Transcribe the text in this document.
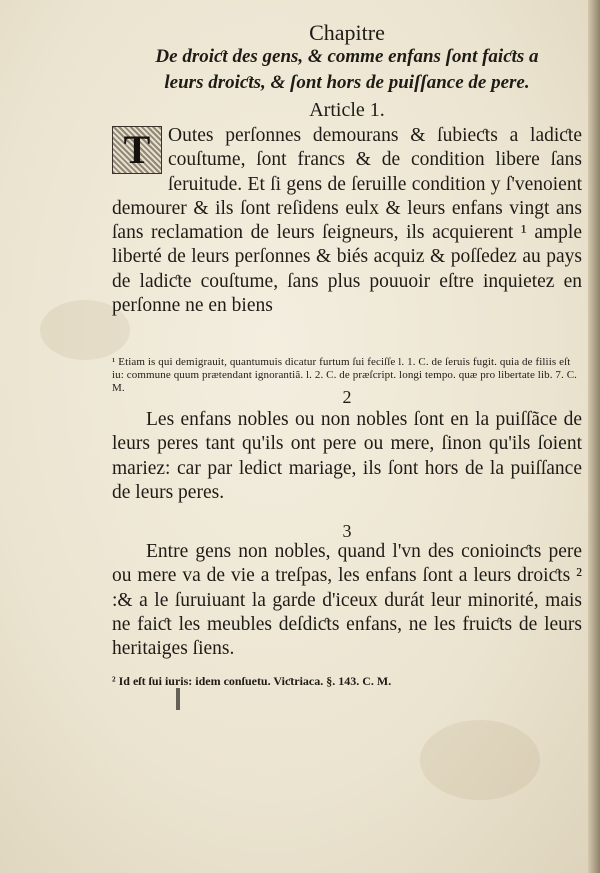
Chapitre
De droiƈt des gens, & comme enfans ſont faiƈts a
leurs droiƈts, & ſont hors de puiſſance de pere.
Article 1.
T Outes perſonnes demourans & ſubieƈts a ladiƈte couſtume, ſont francs & de condition libere ſans ſeruitude. Et ſi gens de ſeruille condition y ſ'venoient demourer & ils ſont reſidens eulx & leurs enfans vingt ans ſans reclamation de leurs ſeigneurs, ils acquierent ¹ ample liberté de leurs perſonnes & biés acquiz & poſſedez au pays de ladiƈte couſtume, ſans plus pouuoir eſtre inquietez en perſonne ne en biens
¹ Etiam is qui demigrauit, quantumuis dicatur furtum ſui feciſſe l. 1. C. de ſeruis fugit. quia de filiis eſt iu: commune quum prætendant ignorantiã. l. 2. C. de præſcript. longi tempo. quæ pro libertate lib. 7. C. M.	2
Les enfans nobles ou non nobles ſont en la puiſſãce de leurs peres tant qu'ils ont pere ou mere, ſinon qu'ils ſoient mariez: car par ledict mariage, ils ſont hors de la puiſſance de leurs peres.
3
Entre gens non nobles, quand l'vn des conioinƈts pere ou mere va de vie a treſpas, les enfans ſont a leurs droiƈts ² :& a le ſuruiuant la garde d'iceux durát leur minorité, mais ne faiƈt les meubles deſdiƈts enfans, ne les fruiƈts de leurs heritaiges ſiens.
² Id eſt ſui iuris: idem conſuetu. Viƈtriaca. §. 143. C. M.
